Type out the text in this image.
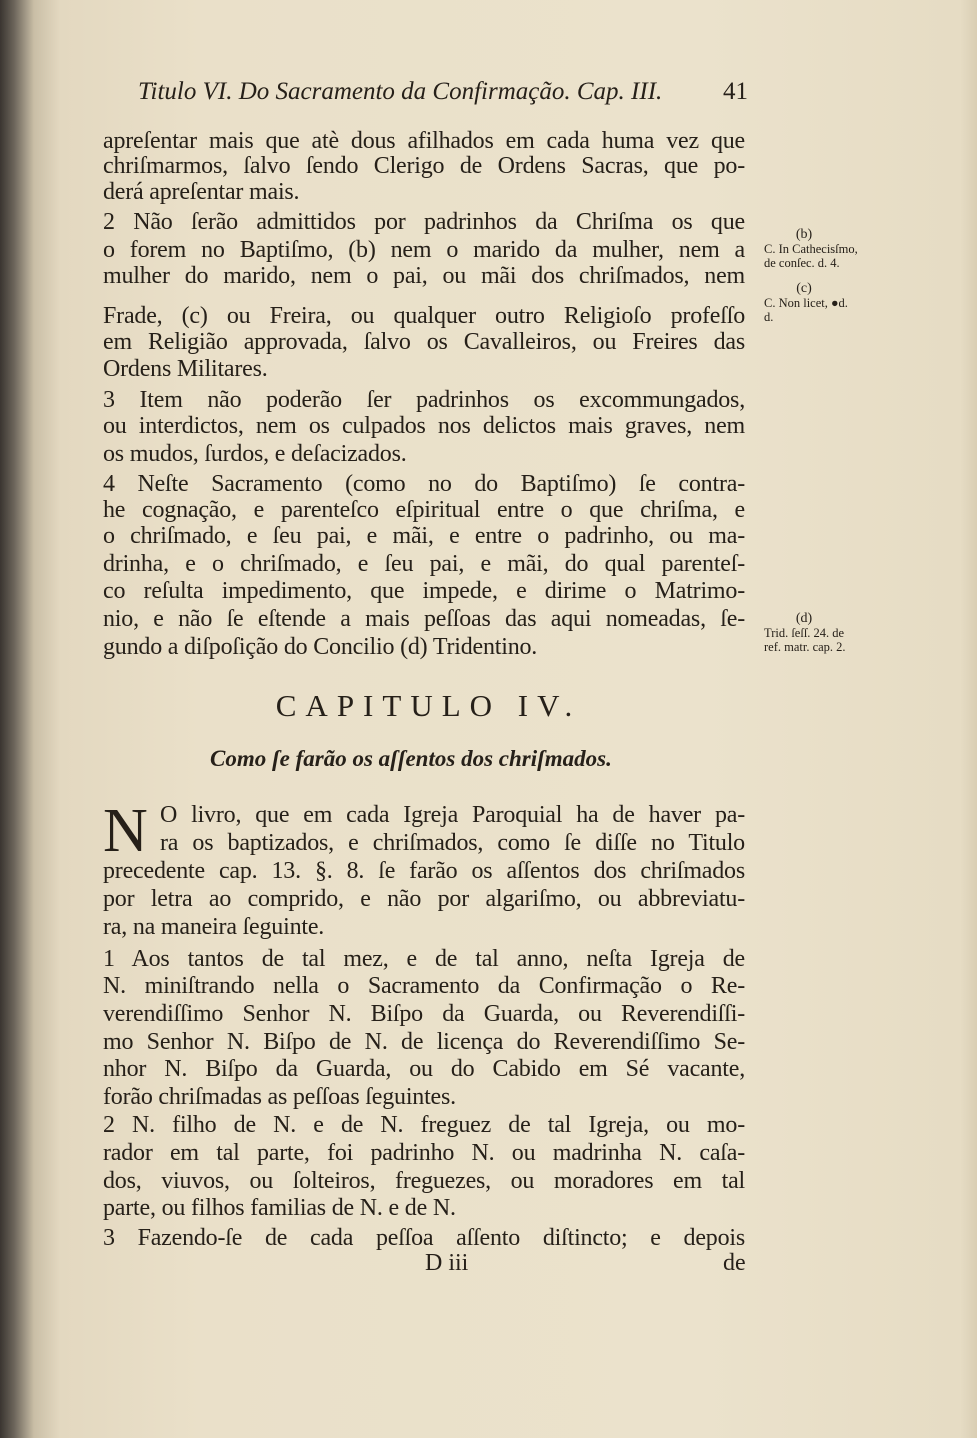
Titulo VI. Do Sacramento da Confirmação. Cap. III. 41
apreſentar mais que atè dous afilhados em cada huma vez que
chriſmarmos, ſalvo ſendo Clerigo de Ordens Sacras, que po-
derá apreſentar mais.
2 Não ſerão admittidos por padrinhos da Chriſma os que
o forem no Baptiſmo, (b) nem o marido da mulher, nem a
mulher do marido, nem o pai, ou mãi dos chriſmados, nem
Frade, (c) ou Freira, ou qualquer outro Religioſo profeſſo
em Religião approvada, ſalvo os Cavalleiros, ou Freires das
Ordens Militares.
3 Item não poderão ſer padrinhos os excommungados,
ou interdictos, nem os culpados nos delictos mais graves, nem
os mudos, ſurdos, e deſacizados.
4 Neſte Sacramento (como no do Baptiſmo) ſe contra-
he cognação, e parenteſco eſpiritual entre o que chriſma, e
o chriſmado, e ſeu pai, e mãi, e entre o padrinho, ou ma-
drinha, e o chriſmado, e ſeu pai, e mãi, do qual parenteſ-
co reſulta impedimento, que impede, e dirime o Matrimo-
nio, e não ſe eſtende a mais peſſoas das aqui nomeadas, ſe-
gundo a diſpoſição do Concilio (d) Tridentino.
CAPITULO IV.
Como ſe farão os aſſentos dos chriſmados.
N O livro, que em cada Igreja Paroquial ha de haver pa-
ra os baptizados, e chriſmados, como ſe diſſe no Titulo
precedente cap. 13. §. 8. ſe farão os aſſentos dos chriſmados
por letra ao comprido, e não por algariſmo, ou abbreviatu-
ra, na maneira ſeguinte.
1 Aos tantos de tal mez, e de tal anno, neſta Igreja de
N. miniſtrando nella o Sacramento da Confirmação o Re-
verendiſſimo Senhor N. Biſpo da Guarda, ou Reverendiſſi-
mo Senhor N. Biſpo de N. de licença do Reverendiſſimo Se-
nhor N. Biſpo da Guarda, ou do Cabido em Sé vacante,
forão chriſmadas as peſſoas ſeguintes.
2 N. filho de N. e de N. freguez de tal Igreja, ou mo-
rador em tal parte, foi padrinho N. ou madrinha N. caſa-
dos, viuvos, ou ſolteiros, freguezes, ou moradores em tal
parte, ou filhos familias de N. e de N.
3 Fazendo-ſe de cada peſſoa aſſento diſtincto; e depois
(b)
C. In Cathecisſmo,
de conſec. d. 4.
(c)
C. Non licet, ●d.
d.
(d)
Trid. ſeſſ. 24. de
ref. matr. cap. 2.
D iii	de
